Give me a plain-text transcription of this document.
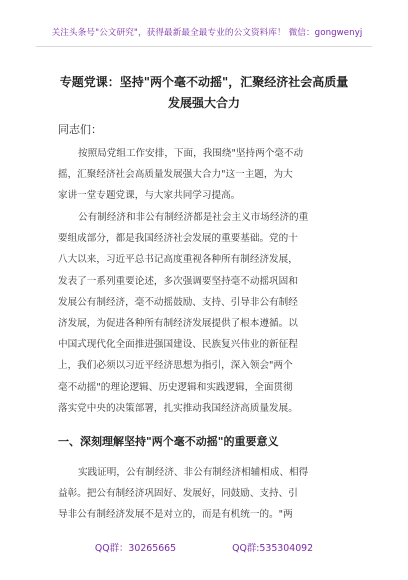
关注头条号"公文研究"，获得最新最全最专业的公文资料库！ 微信：gongwenyj
专题党课：坚持"两个毫不动摇"，汇聚经济社会高质量
发展强大合力
同志们：
按照局党组工作安排，下面，我围绕"坚持两个毫不动
摇，汇聚经济社会高质量发展强大合力"这一主题，为大
家讲一堂专题党课，与大家共同学习提高。
公有制经济和非公有制经济都是社会主义市场经济的重
要组成部分，都是我国经济社会发展的重要基础。党的十
八大以来，习近平总书记高度重视各种所有制经济发展，
发表了一系列重要论述，多次强调要坚持毫不动摇巩固和
发展公有制经济，毫不动摇鼓励、支持、引导非公有制经
济发展，为促进各种所有制经济发展提供了根本遵循。以
中国式现代化全面推进强国建设、民族复兴伟业的新征程
上，我们必须以习近平经济思想为指引，深入领会"两个
毫不动摇"的理论逻辑、历史逻辑和实践逻辑，全面贯彻
落实党中央的决策部署，扎实推动我国经济高质量发展。
一、深刻理解坚持"两个毫不动摇"的重要意义
实践证明，公有制经济、非公有制经济相辅相成、相得
益彰。把公有制经济巩固好、发展好，同鼓励、支持、引
导非公有制经济发展不是对立的，而是有机统一的。"两
QQ群：30265665	QQ群:535304092
